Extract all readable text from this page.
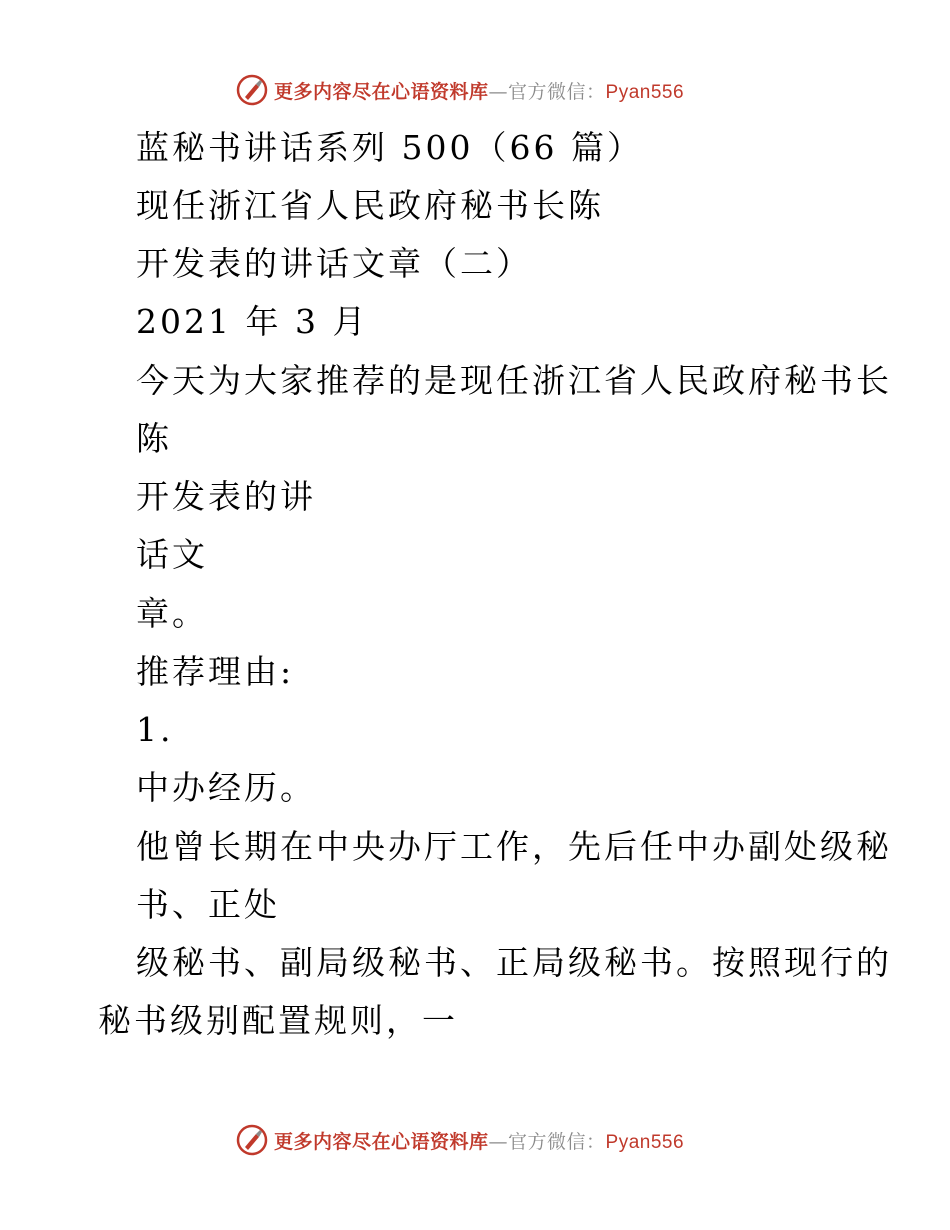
更多内容尽在心语资料库—官方微信：Pyan556
蓝秘书讲话系列 500（66 篇）
现任浙江省人民政府秘书长陈
开发表的讲话文章（二）
2021 年 3 月
今天为大家推荐的是现任浙江省人民政府秘书长
陈
开发表的讲
话文
章。
推荐理由:
1.
中办经历。
他曾长期在中央办厅工作，先后任中办副处级秘
书、正处
级秘书、副局级秘书、正局级秘书。按照现行的
秘书级别配置规则，一
更多内容尽在心语资料库—官方微信：Pyan556
